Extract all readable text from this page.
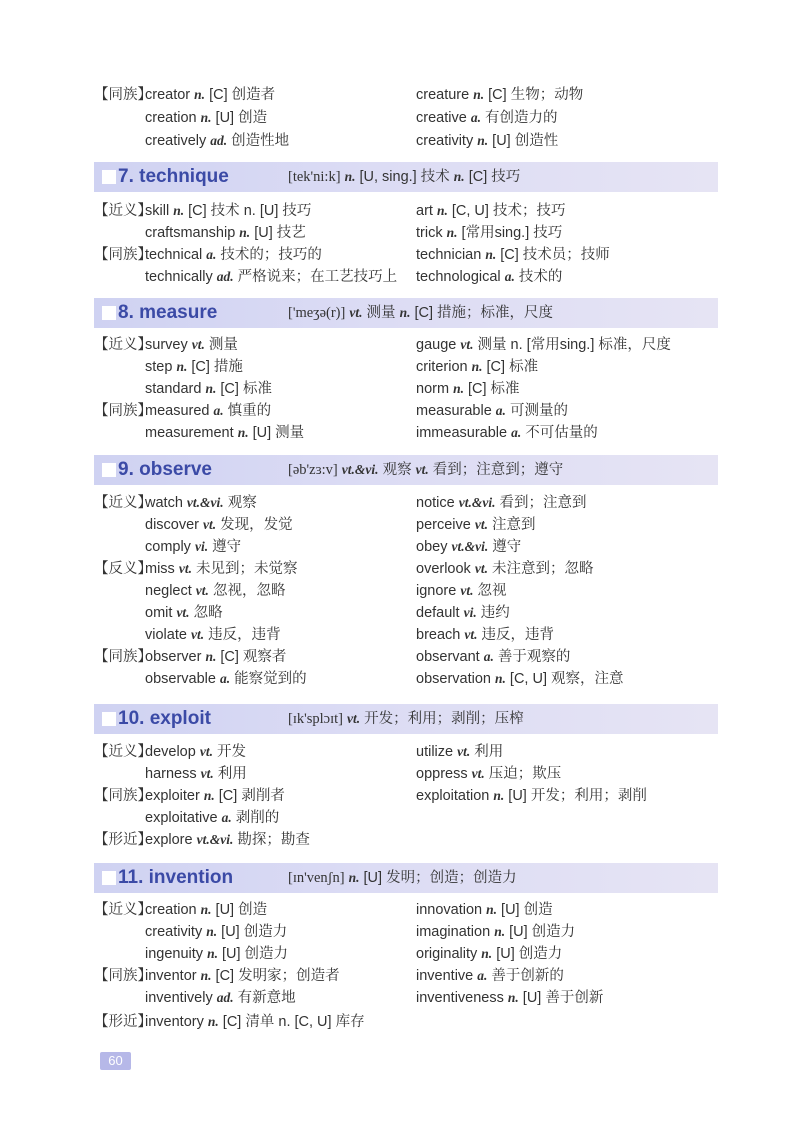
【同族】
creator n. [C] 创造者	creature n. [C] 生物；动物
creation n. [U] 创造	creative a. 有创造力的
creatively ad. 创造性地	creativity n. [U] 创造性
7. technique	[tek'ni:k] n. [U, sing.] 技术 n. [C] 技巧
【近义】
skill n. [C] 技术 n. [U] 技巧	art n. [C, U] 技术；技巧
craftsmanship n. [U] 技艺	trick n. [常用sing.] 技巧
【同族】
technical a. 技术的；技巧的	technician n. [C] 技术员；技师
technically ad. 严格说来；在工艺技巧上 technological a. 技术的
8. measure	['meʒə(r)] vt. 测量 n. [C] 措施；标准，尺度
【近义】
survey vt. 测量	gauge vt. 测量 n. [常用sing.] 标准，尺度
step n. [C] 措施	criterion n. [C] 标准
standard n. [C] 标准	norm n. [C] 标准
【同族】
measured a. 慎重的	measurable a. 可测量的
measurement n. [U] 测量	immeasurable a. 不可估量的
9. observe	[əb'zɜ:v] vt.&vi. 观察 vt. 看到；注意到；遵守
【近义】
watch vt.&vi. 观察	notice vt.&vi. 看到；注意到
discover vt. 发现，发觉	perceive vt. 注意到
comply vi. 遵守	obey vt.&vi. 遵守
【反义】
miss vt. 未见到；未觉察	overlook vt. 未注意到；忽略
neglect vt. 忽视，忽略	ignore vt. 忽视
omit vt. 忽略	default vi. 违约
violate vt. 违反，违背	breach vt. 违反，违背
【同族】
observer n. [C] 观察者	observant a. 善于观察的
observable a. 能察觉到的	observation n. [C, U] 观察，注意
10. exploit	[ɪk'splɔɪt] vt. 开发；利用；剥削；压榨
【近义】
develop vt. 开发	utilize vt. 利用
harness vt. 利用	oppress vt. 压迫；欺压
【同族】
exploiter n. [C] 剥削者	exploitation n. [U] 开发；利用；剥削
exploitative a. 剥削的
【形近】
explore vt.&vi. 勘探；勘查
11. invention	[ɪn'venʃn] n. [U] 发明；创造；创造力
【近义】
creation n. [U] 创造	innovation n. [U] 创造
creativity n. [U] 创造力	imagination n. [U] 创造力
ingenuity n. [U] 创造力	originality n. [U] 创造力
【同族】
inventor n. [C] 发明家；创造者	inventive a. 善于创新的
inventively ad. 有新意地	inventiveness n. [U] 善于创新
【形近】
inventory n. [C] 清单 n. [C, U] 库存
60
